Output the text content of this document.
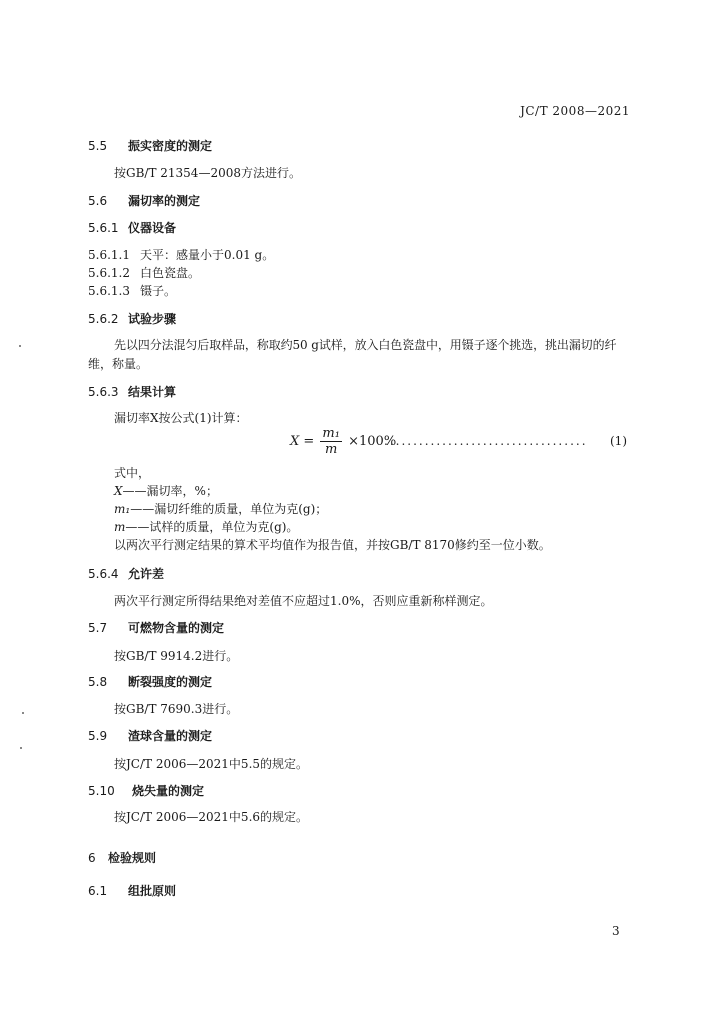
JC/T 2008—2021
5.5 振实密度的测定
按GB/T 21354—2008方法进行。
5.6 漏切率的测定
5.6.1 仪器设备
5.6.1.1 天平：感量小于0.01 g。
5.6.1.2 白色瓷盘。
5.6.1.3 镊子。
5.6.2 试验步骤
先以四分法混匀后取样品，称取约50 g试样，放入白色瓷盘中，用镊子逐个挑选，挑出漏切的纤
维，称量。
5.6.3 结果计算
漏切率X按公式(1)计算：
$X = \frac{\text{m₁}}{m} \times 100\%$
................................... (1)
式中，
X——漏切率，%；
m₁——漏切纤维的质量，单位为克(g)；
m——试样的质量，单位为克(g)。
以两次平行测定结果的算术平均值作为报告值，并按GB/T 8170修约至一位小数。
5.6.4 允许差
两次平行测定所得结果绝对差值不应超过1.0%，否则应重新称样测定。
5.7 可燃物含量的测定
按GB/T 9914.2进行。
5.8 断裂强度的测定
按GB/T 7690.3进行。
5.9 渣球含量的测定
按JC/T 2006—2021中5.5的规定。
5.10 烧失量的测定
按JC/T 2006—2021中5.6的规定。
6 检验规则
6.1 组批原则
3
